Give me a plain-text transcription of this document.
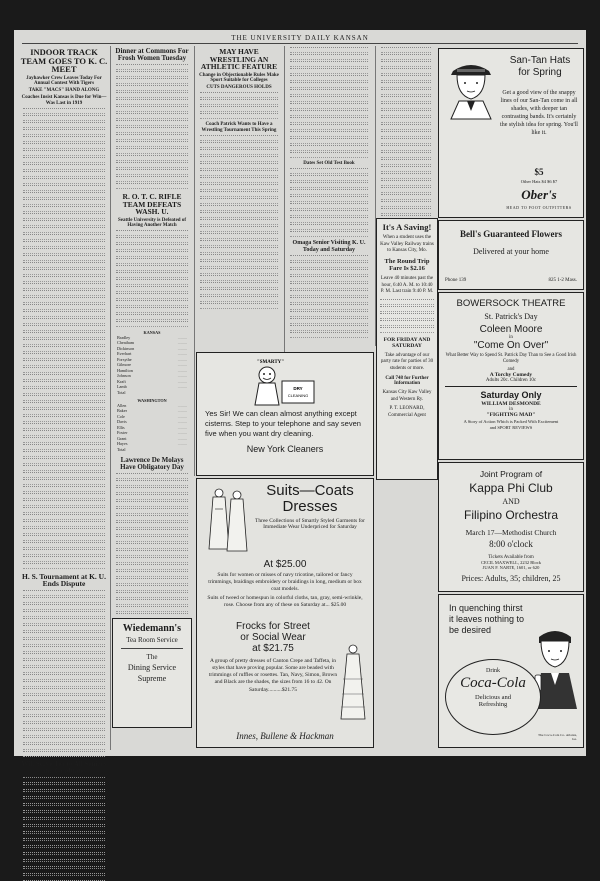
THE UNIVERSITY DAILY KANSAN
INDOOR TRACK TEAM GOES TO K. C. MEET
Jayhawker Crew Leaves Today For Annual Contest With Tigers
TAKE "MACS" HAND ALONG
Coaches Insist Kansas is Due for Win—Was Last in 1919
H. S. Tournament at K. U. Ends Dispute
Will Serve Tea to All Seniors and Graduates
Dinner at Commons For Frosh Women Tuesday
R. O. T. C. RIFLE TEAM DEFEATS WASH. U.
Seattle University is Defeated of Having Another Match
KANSAS
Bradley	.........
Cheatham	.........
Dickinson	.........
Everhart	.........
Forsythe	.........
Gilmore	.........
Hamilton	.........
Johnson	.........
Kraft	.........
Lamb	.........
Total

WASHINGTON
Allen	.........
Baker	.........
Cole	.........
Davis	.........
Ellis	.........
Foster	.........
Grant	.........
Hayes	.........
Total

Lawrence De Molays Have Obligatory Day
Wiedemann's
Tea Room Service
The
Dining Service
Supreme
MAY HAVE WRESTLING AN ATHLETIC FEATURE
Change in Objectionable Rules Make Sport Suitable for Colleges
CUTS DANGEROUS HOLDS
Coach Patrick Wants to Have a Wrestling Tournament This Spring
Dates Set Old Test Book
Omaga Senior Visiting K. U. Today and Saturday
"SMARTY"
DRY
CLEANING
Yes Sir! We can clean almost anything except cisterns. Step to your telephone and say seven five when you want dry cleaning.
New York Cleaners
Suits—Coats
Dresses
Three Collections of Smartly Styled Garments for Immediate Wear Underpriced for Saturday
At $25.00
Suits for women or misses of navy tricotine, tailored or fancy trimmings, braidings embroidery or braidings in long, medium or box coat models.
Suits of tweed or homespun in colorful cloths, tan, gray, semi-wrinkle, rose. Choose from any of these on Saturday at... $25.00
Frocks for Street
or Social Wear
at $21.75
A group of pretty dresses of Canton Crepe and Taffeta, in styles that have proving popular. Some are beaded with trimmings of ruffles or rosettes. Tan, Navy, Simon, Brown and Black are the shades, the sizes from 16 to 42. On Saturday..........$21.75
Innes, Bullene & Hackman
It's A Saving!
When a student uses the Kaw Valley Railway trains to Kansas City, Mo.
The Round Trip Fare Is $2.16
Leave 40 minutes past the hour, 6:40 A. M. to 10:40 P. M. Last train 9:40 P. M.
FOR FRIDAY AND SATURDAY
Take advantage of our party rate for parties of 30 students or more.
Call 748 for Further Information
Kansas City Kaw Valley and Western Ry.
P. T. LEONARD, Commercial Agent
San-Tan Hats
for Spring
Get a good view of the snappy lines of our San-Tan come in all shades, with deeper tan contrasting bands. It's certainly the stylish idea for spring. You'll like it.
$5
Other Hats $4 $6 $7
Ober's
HEAD TO FOOT OUTFITTERS
Bell's Guaranteed Flowers
Delivered at your home
Phone 139	825 1-2 Mass.
BOWERSOCK THEATRE
St. Patrick's Day
Coleen Moore
in
"Come On Over"
What Better Way to Spend St. Patrick Day Than to See a Good Irish Comedy
and
A Torchy Comedy
Adults 20c. Children 10c
Saturday Only
WILLIAM DESMONDE
in
"FIGHTING MAD"
A Story of Action Which is Packed With Excitement
and SPORT REVIEWS
Joint Program of
Kappa Phi Club
AND
Filipino Orchestra
March 17—Methodist Church
8:00 o'clock
Tickets Available from
CECIL MAXWELL, 2232 Block
JUAN F. NARTE, 1601, or 620
Prices: Adults, 35; children, 25
In quenching thirst it leaves nothing to be desired
Drink
Coca-Cola
Delicious and
Refreshing
The Coca-Cola Co. Atlanta, Ga.
